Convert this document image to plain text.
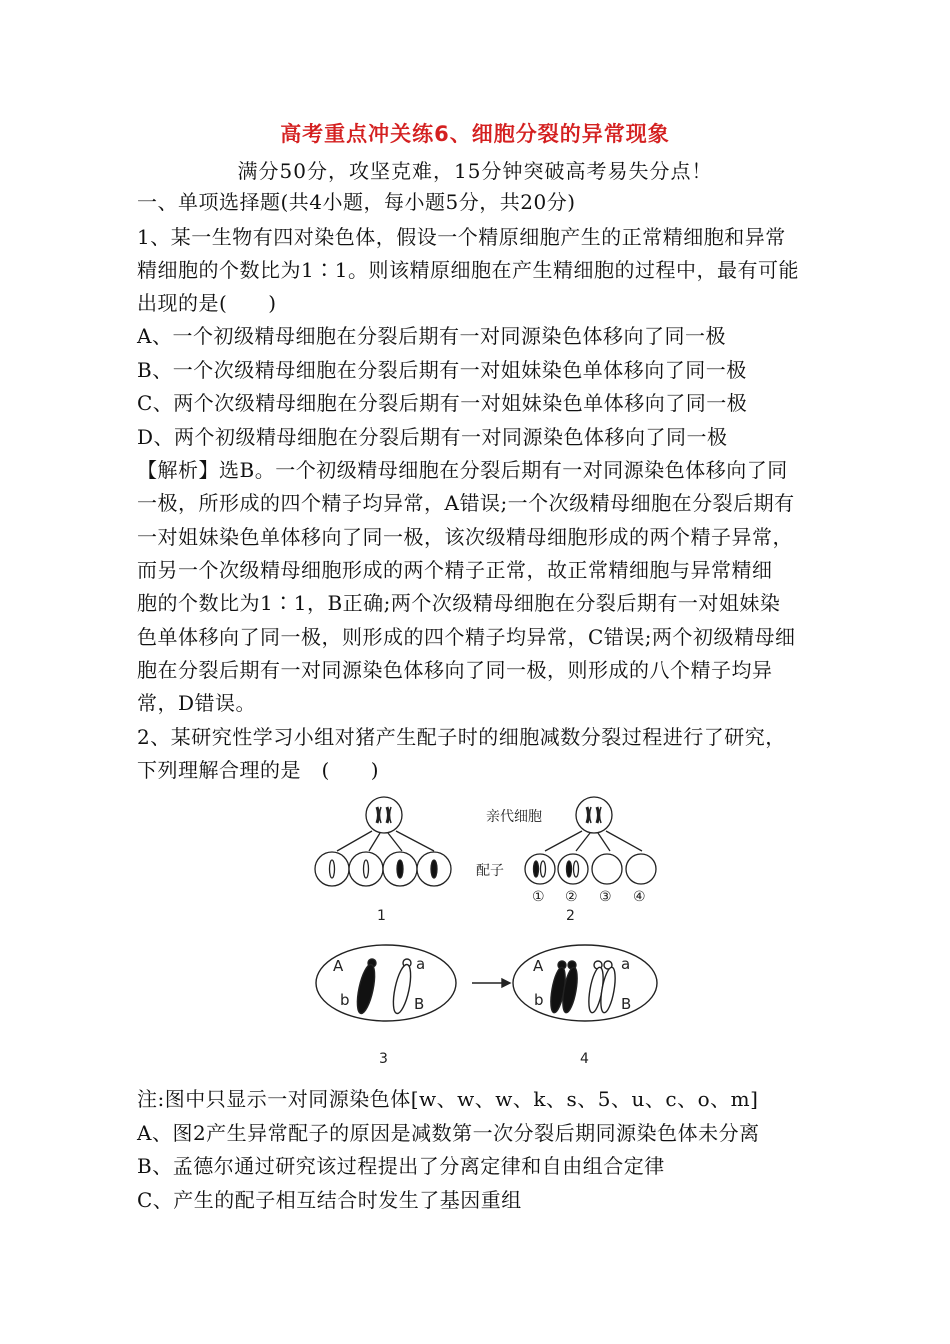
高考重点冲关练6、细胞分裂的异常现象
满分50分，攻坚克难，15分钟突破高考易失分点！
一、单项选择题(共4小题，每小题5分，共20分)
1、某一生物有四对染色体，假设一个精原细胞产生的正常精细胞和异常
精细胞的个数比为1∶1。则该精原细胞在产生精细胞的过程中，最有可能
出现的是(　　)
A、一个初级精母细胞在分裂后期有一对同源染色体移向了同一极
B、一个次级精母细胞在分裂后期有一对姐妹染色单体移向了同一极
C、两个次级精母细胞在分裂后期有一对姐妹染色单体移向了同一极
D、两个初级精母细胞在分裂后期有一对同源染色体移向了同一极
【解析】选B。一个初级精母细胞在分裂后期有一对同源染色体移向了同
一极，所形成的四个精子均异常，A错误;一个次级精母细胞在分裂后期有
一对姐妹染色单体移向了同一极，该次级精母细胞形成的两个精子异常，
而另一个次级精母细胞形成的两个精子正常，故正常精细胞与异常精细
胞的个数比为1∶1，B正确;两个次级精母细胞在分裂后期有一对姐妹染
色单体移向了同一极，则形成的四个精子均异常，C错误;两个初级精母细
胞在分裂后期有一对同源染色体移向了同一极，则形成的八个精子均异
常，D错误。
2、某研究性学习小组对猪产生配子时的细胞减数分裂过程进行了研究，
下列理解合理的是　(　　)
亲代细胞
配子
① ② ③ ④
1	2
A
b
a
B
A
b
a
B
3	4
注:图中只显示一对同源染色体[w、w、w、k、s、5、u、c、o、m]
A、图2产生异常配子的原因是减数第一次分裂后期同源染色体未分离
B、孟德尔通过研究该过程提出了分离定律和自由组合定律
C、产生的配子相互结合时发生了基因重组
